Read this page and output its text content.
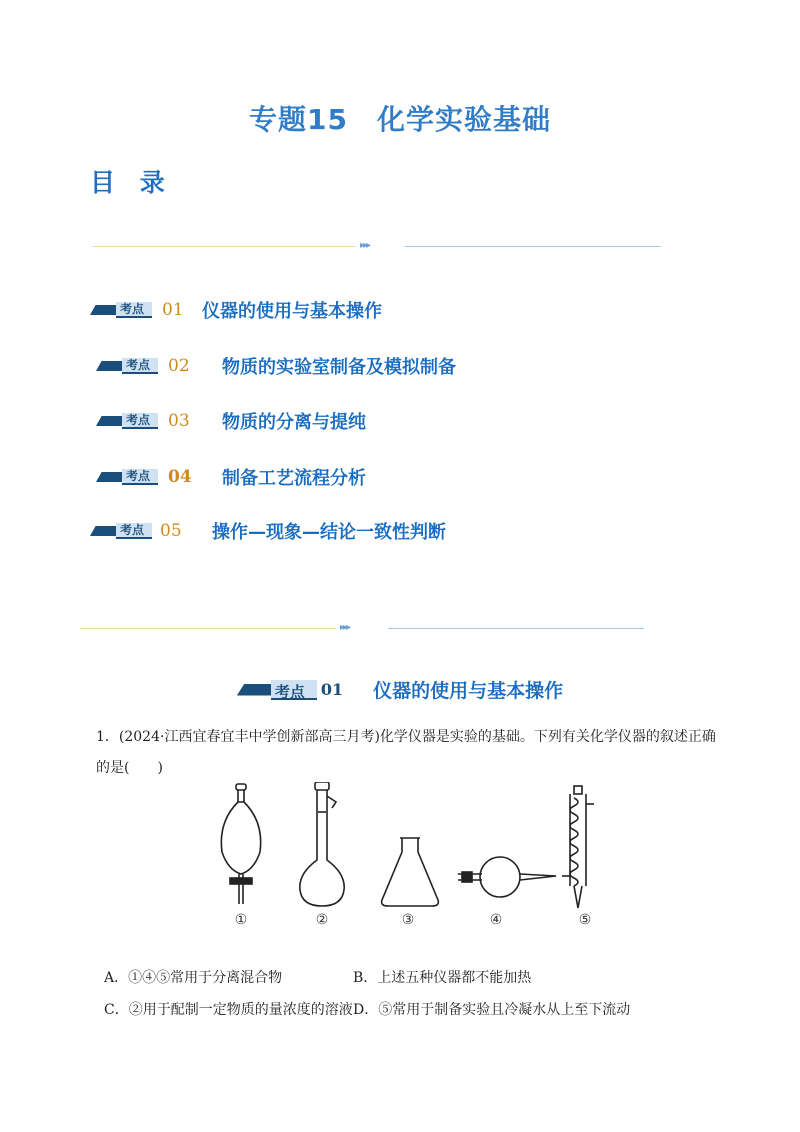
专题15　化学实验基础
目 录
▸▸▸
考点 01	仪器的使用与基本操作
考点 02	物质的实验室制备及模拟制备
考点 03	物质的分离与提纯
考点 04	制备工艺流程分析
考点 05	操作—现象—结论一致性判断
▸▸▸
考点 01 仪器的使用与基本操作
1．(2024·江西宜春宜丰中学创新部高三月考)化学仪器是实验的基础。下列有关化学仪器的叙述正确的是(　　)
①	②	③	④	⑤
A．①④⑤常用于分离混合物	B．上述五种仪器都不能加热
C．②用于配制一定物质的量浓度的溶液 D．⑤常用于制备实验且冷凝水从上至下流动
